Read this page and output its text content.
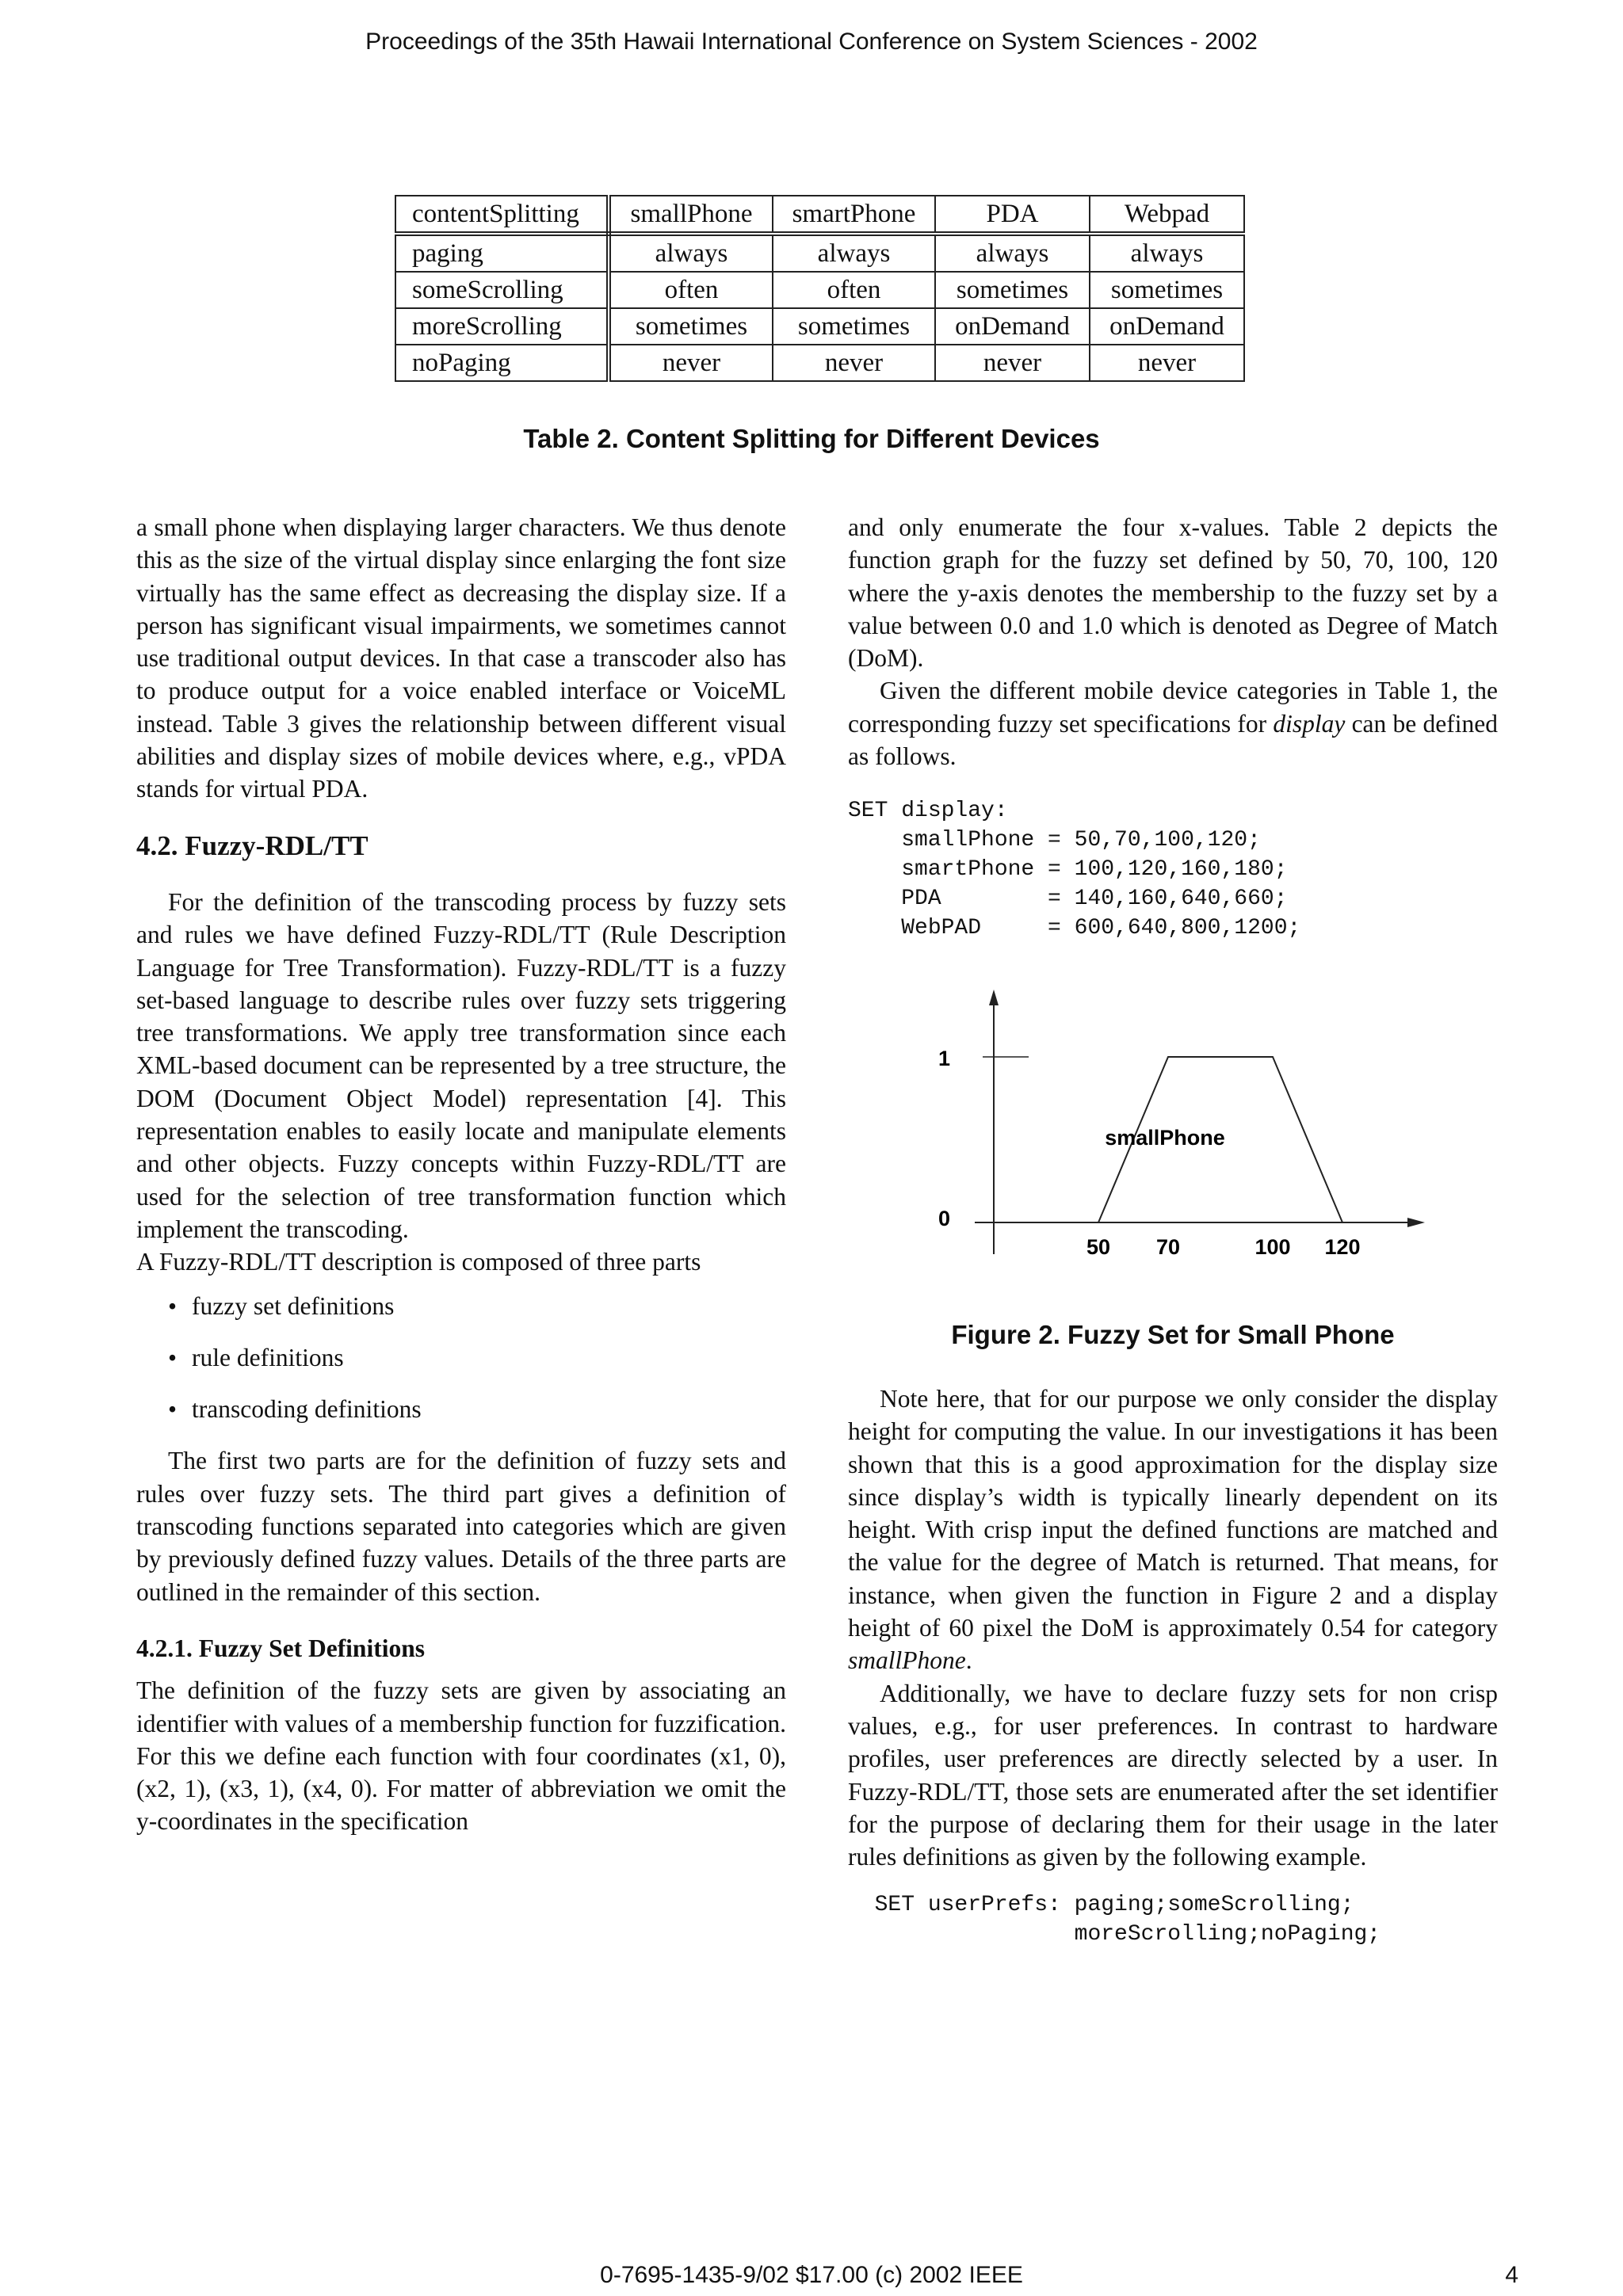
Proceedings of the 35th Hawaii International Conference on System Sciences - 2002
contentSplitting	smallPhone	smartPhone	PDA	Webpad
paging	always	always	always	always
someScrolling	often	often	sometimes	sometimes
moreScrolling	sometimes	sometimes	onDemand	onDemand
noPaging	never	never	never	never
Table 2. Content Splitting for Different Devices

a small phone when displaying larger characters. We thus denote this as the size of the virtual display since enlarging the font size virtually has the same effect as decreasing the display size. If a person has significant visual impairments, we sometimes cannot use traditional output devices. In that case a transcoder also has to produce output for a voice enabled interface or VoiceML instead. Table 3 gives the relationship between different visual abilities and display sizes of mobile devices where, e.g., vPDA stands for virtual PDA.

4.2. Fuzzy-RDL/TT

For the definition of the transcoding process by fuzzy sets and rules we have defined Fuzzy-RDL/TT (Rule Description Language for Tree Transformation). Fuzzy-RDL/TT is a fuzzy set-based language to describe rules over fuzzy sets triggering tree transformations. We apply tree transformation since each XML-based document can be represented by a tree structure, the DOM (Document Object Model) representation [4]. This representation enables to easily locate and manipulate elements and other objects. Fuzzy concepts within Fuzzy-RDL/TT are used for the selection of tree transformation function which implement the transcoding.

A Fuzzy-RDL/TT description is composed of three parts

• fuzzy set definitions
• rule definitions
• transcoding definitions

The first two parts are for the definition of fuzzy sets and rules over fuzzy sets. The third part gives a definition of transcoding functions separated into categories which are given by previously defined fuzzy values. Details of the three parts are outlined in the remainder of this section.

4.2.1. Fuzzy Set Definitions

The definition of the fuzzy sets are given by associating an identifier with values of a membership function for fuzzification. For this we define each function with four coordinates (x1, 0), (x2, 1), (x3, 1), (x4, 0). For matter of abbreviation we omit the y-coordinates in the specification

and only enumerate the four x-values. Table 2 depicts the function graph for the fuzzy set defined by 50, 70, 100, 120 where the y-axis denotes the membership to the fuzzy set by a value between 0.0 and 1.0 which is denoted as Degree of Match (DoM).

Given the different mobile device categories in Table 1, the corresponding fuzzy set specifications for display can be defined as follows.

SET display:
smallPhone = 50,70,100,120;
smartPhone = 100,120,160,180;
PDA        = 140,160,640,660;
WebPAD     = 600,640,800,1200;
1
0
smallPhone
50 70	100 120
Figure 2. Fuzzy Set for Small Phone

Note here, that for our purpose we only consider the display height for computing the value. In our investigations it has been shown that this is a good approximation for the display size since display’s width is typically linearly dependent on its height. With crisp input the defined functions are matched and the value for the degree of Match is returned. That means, for instance, when given the function in Figure 2 and a display height of 60 pixel the DoM is approximately 0.54 for category smallPhone.

Additionally, we have to declare fuzzy sets for non crisp values, e.g., for user preferences. In contrast to hardware profiles, user preferences are directly selected by a user. In Fuzzy-RDL/TT, those sets are enumerated after the set identifier for the purpose of declaring them for their usage in the later rules definitions as given by the following example.

SET userPrefs: paging;someScrolling;
moreScrolling;noPaging;
0-7695-1435-9/02 $17.00 (c) 2002 IEEE	4
